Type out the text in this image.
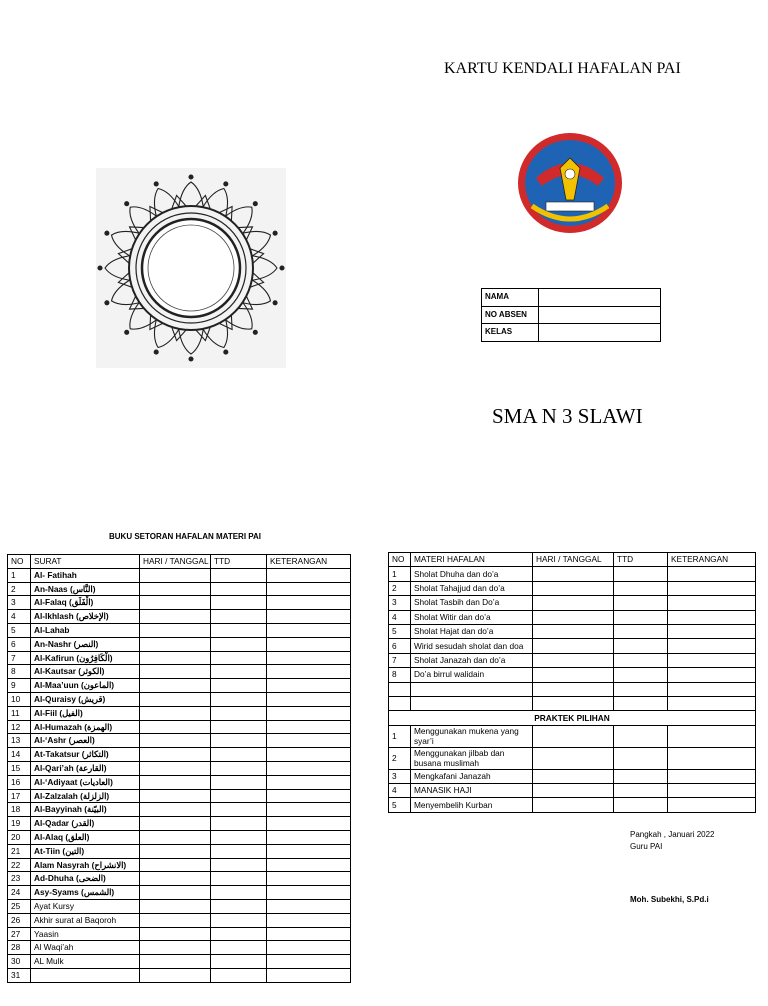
KARTU KENDALI HAFALAN PAI
NAMA	
NO ABSEN	
KELAS	
SMA N 3 SLAWI
BUKU SETORAN HAFALAN MATERI PAI
NO	SURAT	HARI / TANGGAL	TTD	KETERANGAN
1	Al- Fatihah			
2	An-Naas (النَّاس)			
3	Al-Falaq (الْفَلَق)			
4	Al-Ikhlash (الإخلاص)			
5	Al-Lahab			
6	An-Nashr (النصر)			
7	Al-Kafirun (الْكَافِرُون)			
8	Al-Kautsar (الكوثر)			
9	Al-Maa’uun (الماعون)			
10	Al-Quraisy (قريش)			
11	Al-Fiil (الفيل)			
12	Al-Humazah (الهمزة)			
13	Al-‘Ashr (العصر)			
14	At-Takatsur (التكاثر)			
15	Al-Qari’ah (القارعة)			
16	Al-‘Adiyaat (العاديات)			
17	Al-Zalzalah (الزلزلة)			
18	Al-Bayyinah (البيّنة)			
19	Al-Qadar (القدر)			
20	Al-Alaq (العلق)			
21	At-Tiin (التين)			
22	Alam Nasyrah (الانشراح)			
23	Ad-Dhuha (الضحى)			
24	Asy-Syams (الشمس)			
25	Ayat Kursy			
26	Akhir surat al Baqoroh			
27	Yaasin			
28	Al Waqi’ah			
30	AL Mulk			
31				
NO	MATERI HAFALAN	HARI / TANGGAL	TTD	KETERANGAN
1	Sholat Dhuha dan do’a			
2	Sholat Tahajjud dan do’a			
3	Sholat Tasbih dan Do’a			
4	Sholat Witir dan do’a			
5	Sholat Hajat dan do’a			
6	Wirid sesudah sholat dan doa			
7	Sholat Janazah dan do’a			
8	Do’a birrul walidain			

PRAKTEK PILIHAN				
1	Menggunakan mukena yang syar’i			
2	Menggunakan jilbab dan busana muslimah			
3	Mengkafani Janazah			
4	MANASIK HAJI			
5	Menyembelih Kurban			
Pangkah , Januari 2022
Guru PAI
Moh. Subekhi, S.Pd.i
